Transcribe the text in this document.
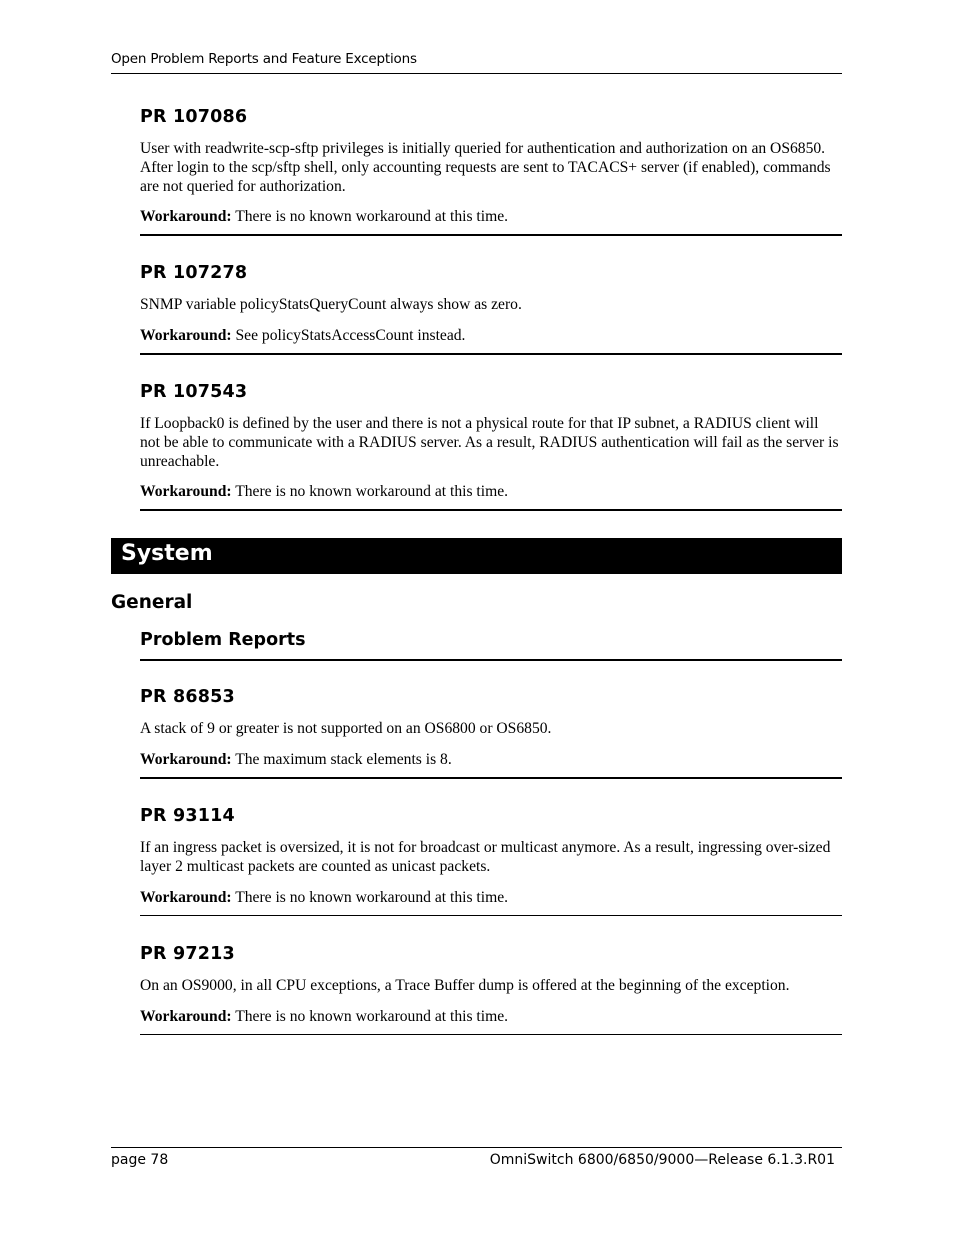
Open Problem Reports and Feature Exceptions
PR 107086
User with readwrite-scp-sftp privileges is initially queried for authentication and authorization on an OS6850. After login to the scp/sftp shell, only accounting requests are sent to TACACS+ server (if enabled), commands are not queried for authorization.
Workaround: There is no known workaround at this time.
PR 107278
SNMP variable policyStatsQueryCount always show as zero.
Workaround: See policyStatsAccessCount instead.
PR 107543
If Loopback0 is defined by the user and there is not a physical route for that IP subnet, a RADIUS client will not be able to communicate with a RADIUS server. As a result, RADIUS authentication will fail as the server is unreachable.
Workaround: There is no known workaround at this time.
System
General
Problem Reports
PR 86853
A stack of 9 or greater is not supported on an OS6800 or OS6850.
Workaround: The maximum stack elements is 8.
PR 93114
If an ingress packet is oversized, it is not for broadcast or multicast anymore. As a result, ingressing over-sized layer 2 multicast packets are counted as unicast packets.
Workaround: There is no known workaround at this time.
PR 97213
On an OS9000, in all CPU exceptions, a Trace Buffer dump is offered at the beginning of the exception.
Workaround: There is no known workaround at this time.
page 78	OmniSwitch 6800/6850/9000—Release 6.1.3.R01
